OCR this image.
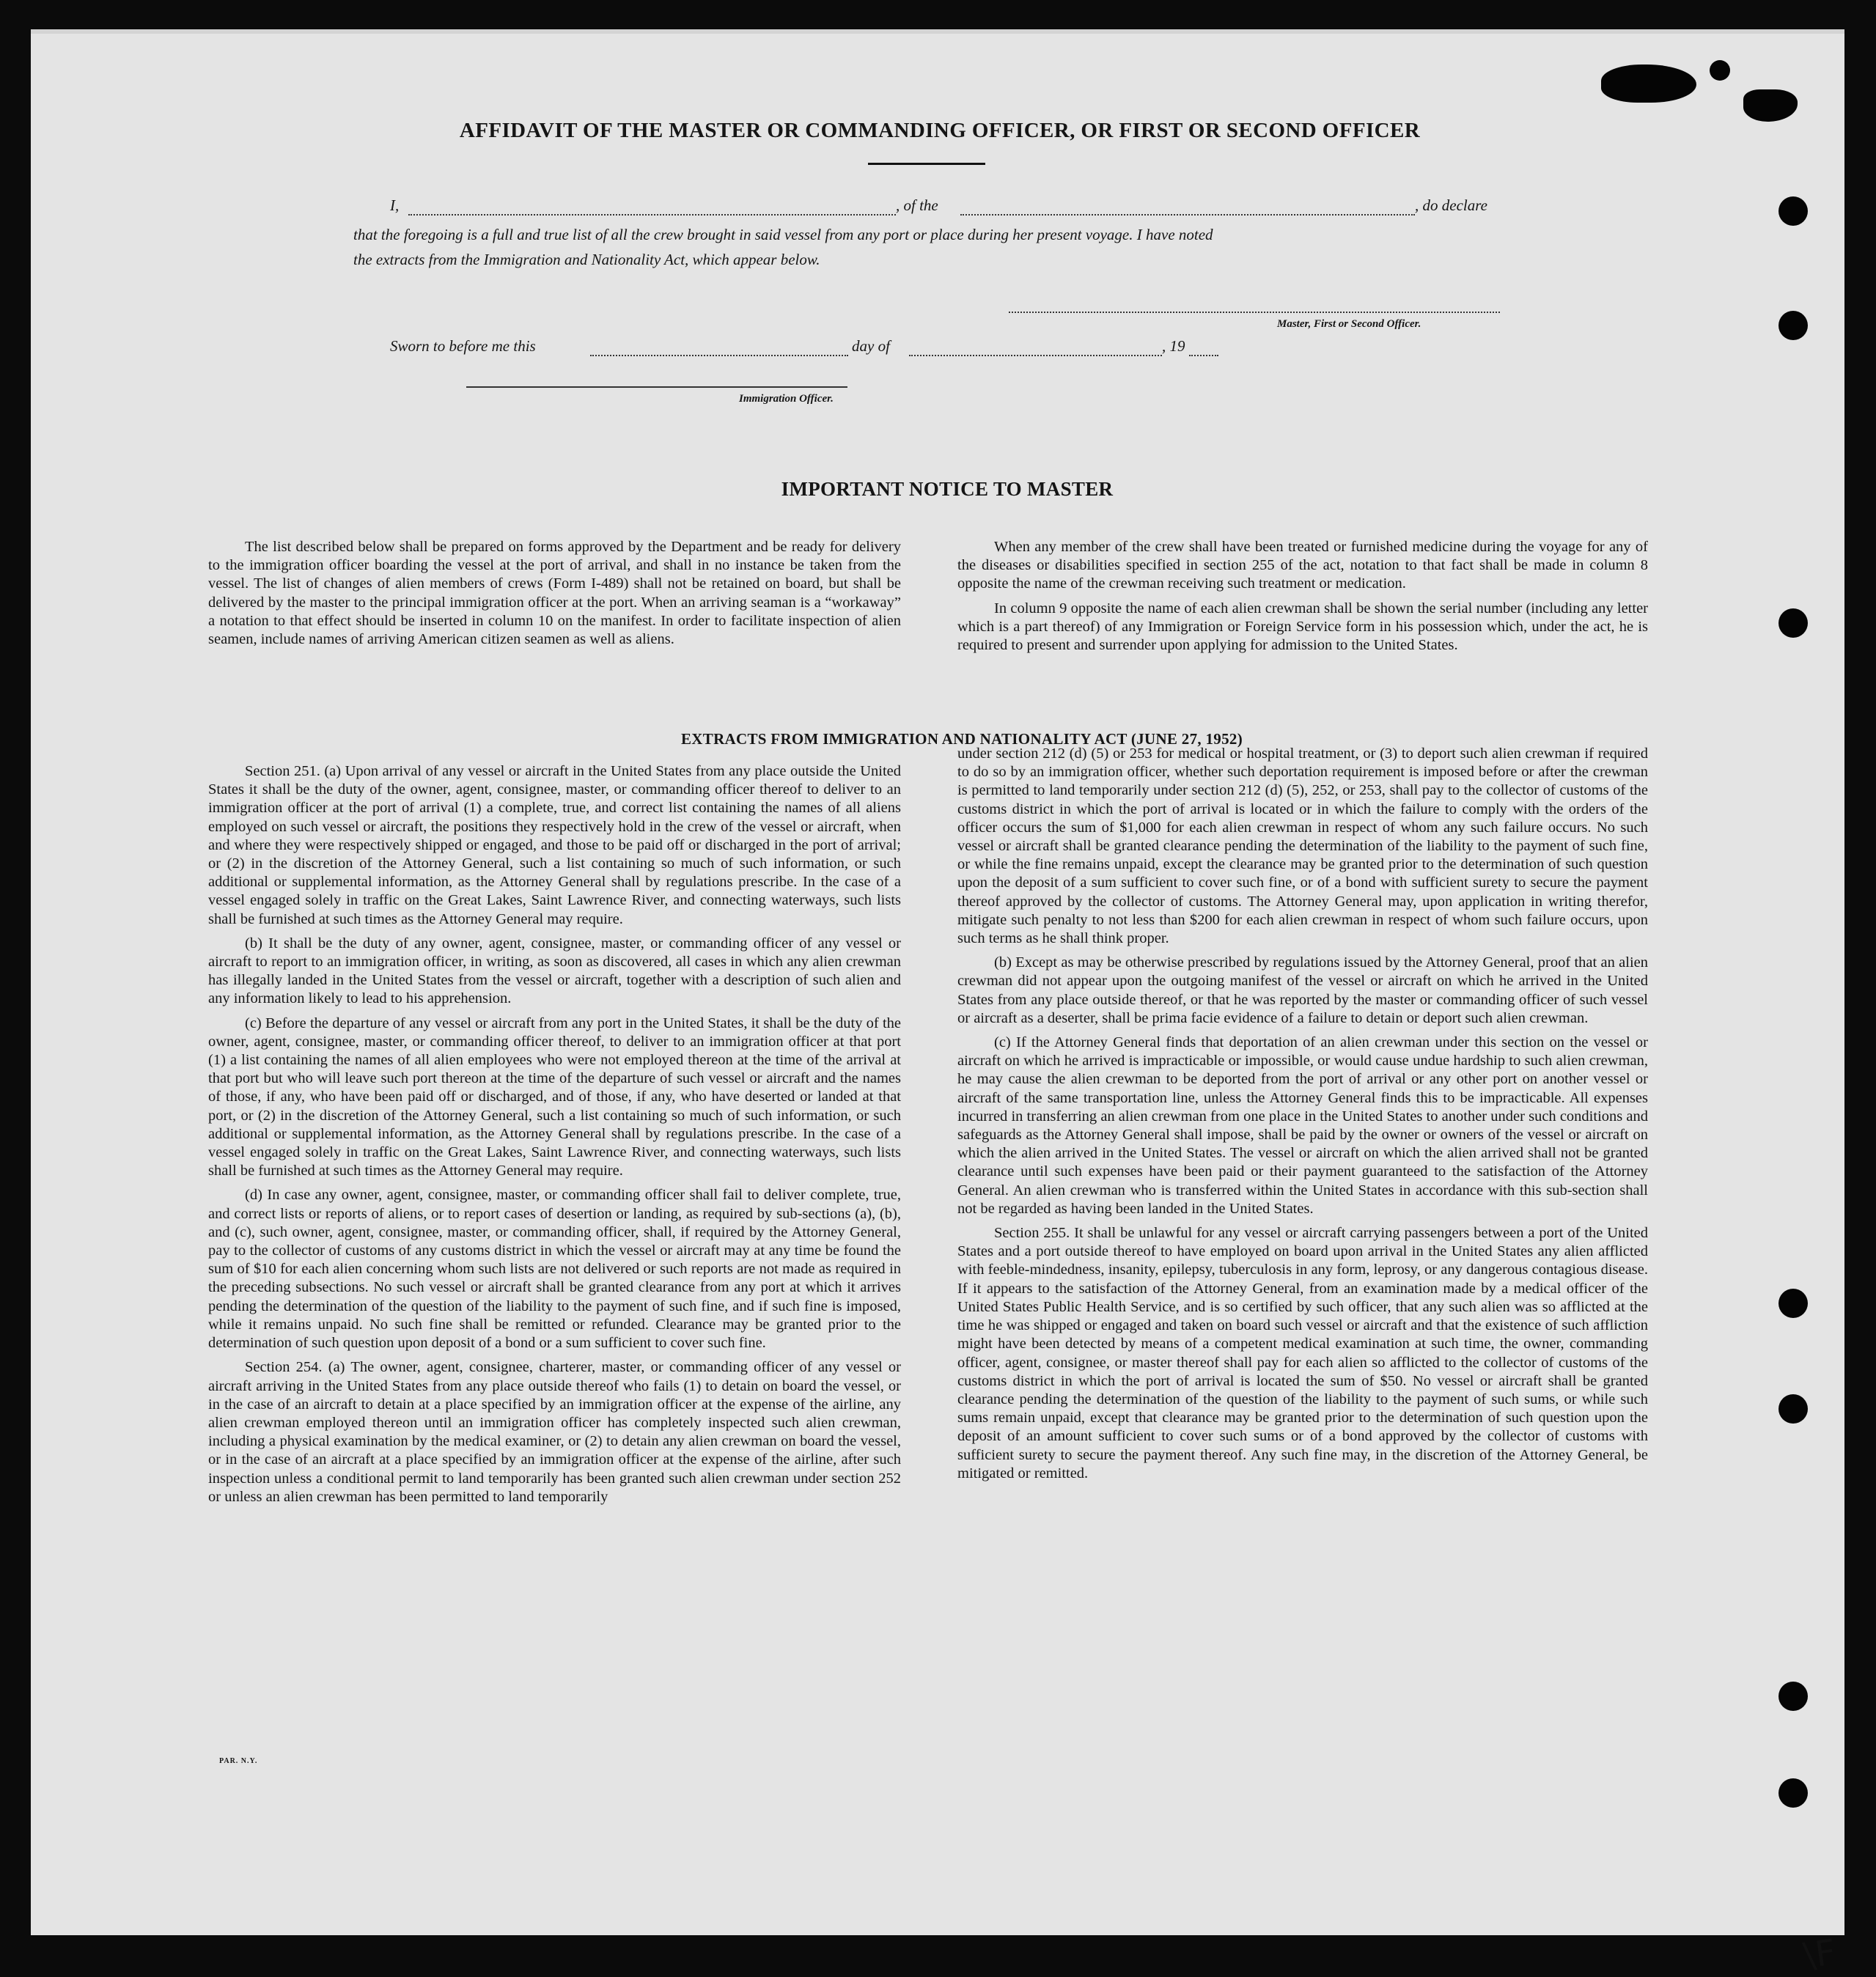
AFFIDAVIT OF THE MASTER OR COMMANDING OFFICER, OR FIRST OR SECOND OFFICER
I,	, of the	, do declare
that the foregoing is a full and true list of all the crew brought in said vessel from any port or place during her present voyage. I have noted
the extracts from the Immigration and Nationality Act, which appear below.
Master, First or Second Officer.
Sworn to before me this	day of	, 19
Immigration Officer.
IMPORTANT NOTICE TO MASTER

The list described below shall be prepared on forms approved by the Department and be ready for delivery to the immigration officer boarding the vessel at the port of arrival, and shall in no instance be taken from the vessel. The list of changes of alien members of crews (Form I-489) shall not be retained on board, but shall be delivered by the master to the principal immigration officer at the port. When an arriving seaman is a “workaway” a notation to that effect should be inserted in column 10 on the manifest. In order to facilitate inspection of alien seamen, include names of arriving American citizen seamen as well as aliens.

When any member of the crew shall have been treated or furnished medicine during the voyage for any of the diseases or disabilities specified in section 255 of the act, notation to that fact shall be made in column 8 opposite the name of the crewman receiving such treatment or medication.

In column 9 opposite the name of each alien crewman shall be shown the serial number (including any letter which is a part thereof) of any Immigration or Foreign Service form in his possession which, under the act, he is required to present and surrender upon applying for admission to the United States.

EXTRACTS FROM IMMIGRATION AND NATIONALITY ACT (JUNE 27, 1952)

Section 251. (a) Upon arrival of any vessel or aircraft in the United States from any place outside the United States it shall be the duty of the owner, agent, consignee, master, or commanding officer thereof to deliver to an immigration officer at the port of arrival (1) a complete, true, and correct list containing the names of all aliens employed on such vessel or aircraft, the positions they respectively hold in the crew of the vessel or aircraft, when and where they were respectively shipped or engaged, and those to be paid off or discharged in the port of arrival; or (2) in the discretion of the Attorney General, such a list containing so much of such information, or such additional or supplemental information, as the Attorney General shall by regulations prescribe. In the case of a vessel engaged solely in traffic on the Great Lakes, Saint Lawrence River, and connecting waterways, such lists shall be furnished at such times as the Attorney General may require.

(b) It shall be the duty of any owner, agent, consignee, master, or commanding officer of any vessel or aircraft to report to an immigration officer, in writing, as soon as discovered, all cases in which any alien crewman has illegally landed in the United States from the vessel or aircraft, together with a description of such alien and any information likely to lead to his apprehension.

(c) Before the departure of any vessel or aircraft from any port in the United States, it shall be the duty of the owner, agent, consignee, master, or commanding officer thereof, to deliver to an immigration officer at that port (1) a list containing the names of all alien employees who were not employed thereon at the time of the arrival at that port but who will leave such port thereon at the time of the departure of such vessel or aircraft and the names of those, if any, who have been paid off or discharged, and of those, if any, who have deserted or landed at that port, or (2) in the discretion of the Attorney General, such a list containing so much of such information, or such additional or supplemental information, as the Attorney General shall by regulations prescribe. In the case of a vessel engaged solely in traffic on the Great Lakes, Saint Lawrence River, and connecting waterways, such lists shall be furnished at such times as the Attorney General may require.

(d) In case any owner, agent, consignee, master, or commanding officer shall fail to deliver complete, true, and correct lists or reports of aliens, or to report cases of desertion or landing, as required by sub-sections (a), (b), and (c), such owner, agent, consignee, master, or commanding officer, shall, if required by the Attorney General, pay to the collector of customs of any customs district in which the vessel or aircraft may at any time be found the sum of $10 for each alien concerning whom such lists are not delivered or such reports are not made as required in the preceding subsections. No such vessel or aircraft shall be granted clearance from any port at which it arrives pending the determination of the question of the liability to the payment of such fine, and if such fine is imposed, while it remains unpaid. No such fine shall be remitted or refunded. Clearance may be granted prior to the determination of such question upon deposit of a bond or a sum sufficient to cover such fine.

Section 254. (a) The owner, agent, consignee, charterer, master, or commanding officer of any vessel or aircraft arriving in the United States from any place outside thereof who fails (1) to detain on board the vessel, or in the case of an aircraft to detain at a place specified by an immigration officer at the expense of the airline, any alien crewman employed thereon until an immigration officer has completely inspected such alien crewman, including a physical examination by the medical examiner, or (2) to detain any alien crewman on board the vessel, or in the case of an aircraft at a place specified by an immigration officer at the expense of the airline, after such inspection unless a conditional permit to land temporarily has been granted such alien crewman under section 252 or unless an alien crewman has been permitted to land temporarily

under section 212 (d) (5) or 253 for medical or hospital treatment, or (3) to deport such alien crewman if required to do so by an immigration officer, whether such deportation requirement is imposed before or after the crewman is permitted to land temporarily under section 212 (d) (5), 252, or 253, shall pay to the collector of customs of the customs district in which the port of arrival is located or in which the failure to comply with the orders of the officer occurs the sum of $1,000 for each alien crewman in respect of whom any such failure occurs. No such vessel or aircraft shall be granted clearance pending the determination of the liability to the payment of such fine, or while the fine remains unpaid, except the clearance may be granted prior to the determination of such question upon the deposit of a sum sufficient to cover such fine, or of a bond with sufficient surety to secure the payment thereof approved by the collector of customs. The Attorney General may, upon application in writing therefor, mitigate such penalty to not less than $200 for each alien crewman in respect of whom such failure occurs, upon such terms as he shall think proper.

(b) Except as may be otherwise prescribed by regulations issued by the Attorney General, proof that an alien crewman did not appear upon the outgoing manifest of the vessel or aircraft on which he arrived in the United States from any place outside thereof, or that he was reported by the master or commanding officer of such vessel or aircraft as a deserter, shall be prima facie evidence of a failure to detain or deport such alien crewman.

(c) If the Attorney General finds that deportation of an alien crewman under this section on the vessel or aircraft on which he arrived is impracticable or impossible, or would cause undue hardship to such alien crewman, he may cause the alien crewman to be deported from the port of arrival or any other port on another vessel or aircraft of the same transportation line, unless the Attorney General finds this to be impracticable. All expenses incurred in transferring an alien crewman from one place in the United States to another under such conditions and safeguards as the Attorney General shall impose, shall be paid by the owner or owners of the vessel or aircraft on which the alien arrived in the United States. The vessel or aircraft on which the alien arrived shall not be granted clearance until such expenses have been paid or their payment guaranteed to the satisfaction of the Attorney General. An alien crewman who is transferred within the United States in accordance with this sub-section shall not be regarded as having been landed in the United States.

Section 255. It shall be unlawful for any vessel or aircraft carrying passengers between a port of the United States and a port outside thereof to have employed on board upon arrival in the United States any alien afflicted with feeble-mindedness, insanity, epilepsy, tuberculosis in any form, leprosy, or any dangerous contagious disease. If it appears to the satisfaction of the Attorney General, from an examination made by a medical officer of the United States Public Health Service, and is so certified by such officer, that any such alien was so afflicted at the time he was shipped or engaged and taken on board such vessel or aircraft and that the existence of such affliction might have been detected by means of a competent medical examination at such time, the owner, commanding officer, agent, consignee, or master thereof shall pay for each alien so afflicted to the collector of customs of the customs district in which the port of arrival is located the sum of $50. No vessel or aircraft shall be granted clearance pending the determination of the question of the liability to the payment of such sums, or while such sums remain unpaid, except that clearance may be granted prior to the determination of such question upon the deposit of an amount sufficient to cover such sums or of a bond approved by the collector of customs with sufficient surety to secure the payment thereof. Any such fine may, in the discretion of the Attorney General, be mitigated or remitted.

PAR. N.Y.
\F
